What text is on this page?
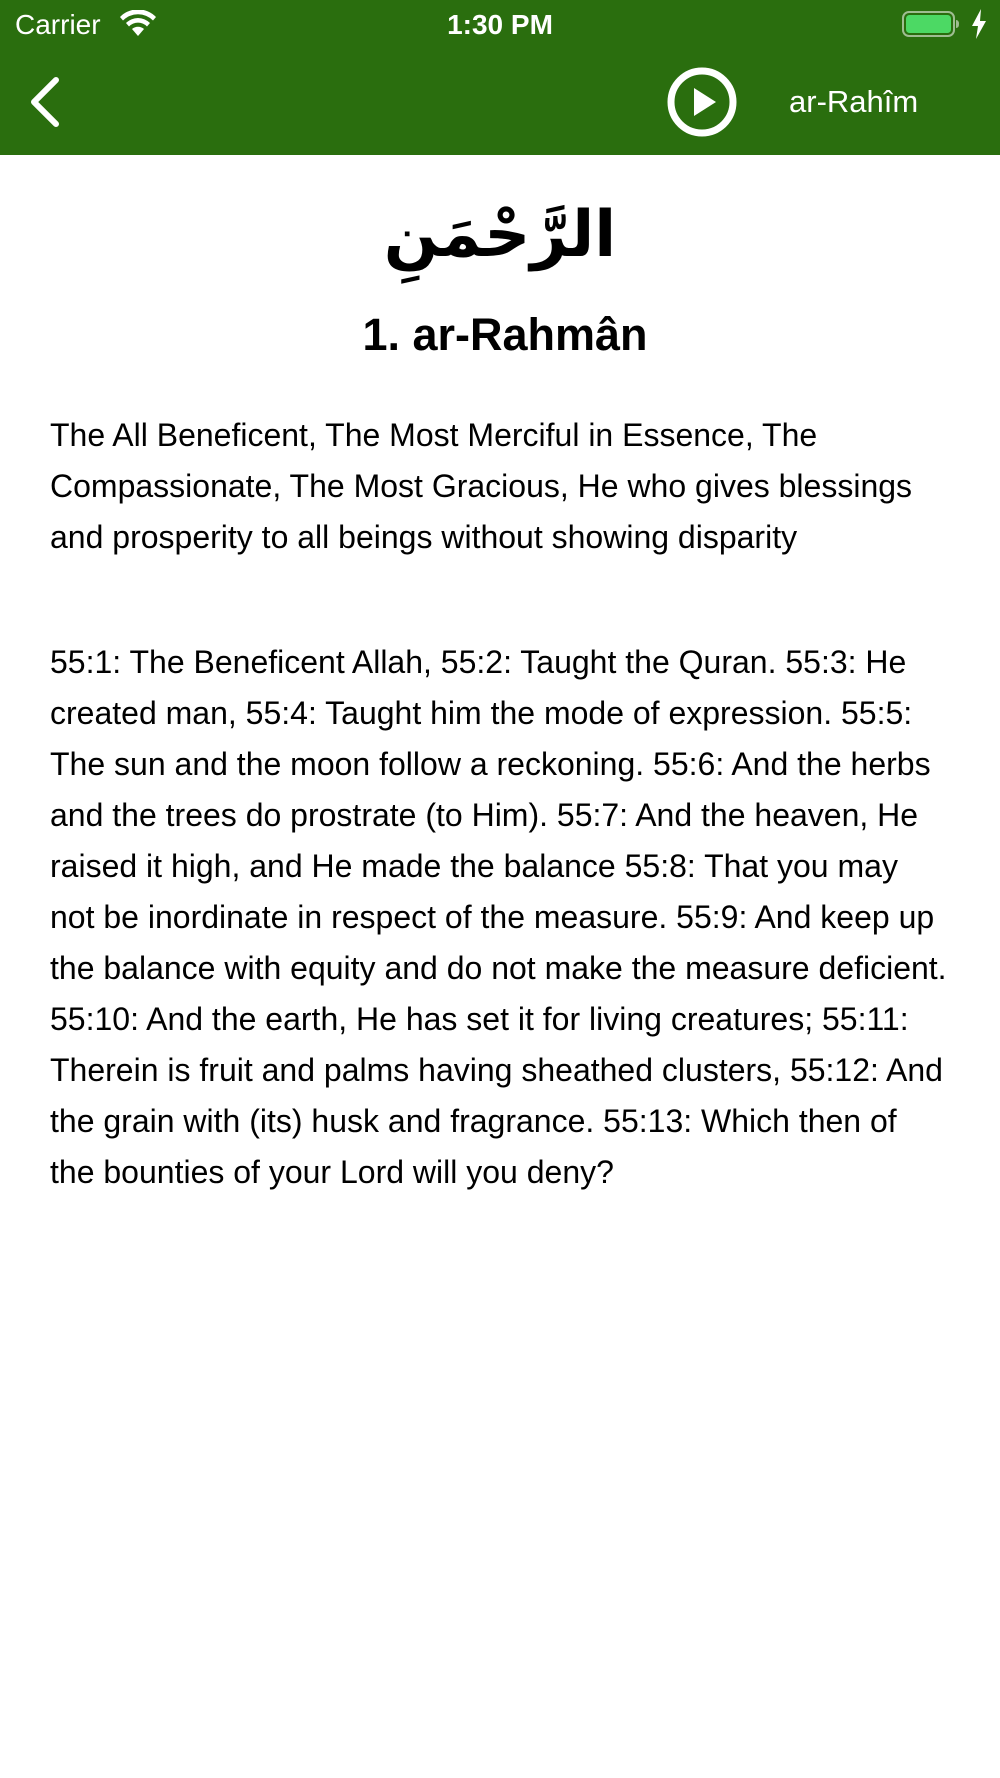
Carrier	1:30 PM
ar-Rahîm
الرَّحْمَنِ
1. ar-Rahmân

The All Beneficent, The Most Merciful in Essence, The Compassionate, The Most Gracious, He who gives blessings and prosperity to all beings without showing disparity

55:1: The Beneficent Allah, 55:2: Taught the Quran. 55:3: He created man, 55:4: Taught him the mode of expression. 55:5: The sun and the moon follow a reckoning. 55:6: And the herbs and the trees do prostrate (to Him). 55:7: And the heaven, He raised it high, and He made the balance 55:8: That you may not be inordinate in respect of the measure. 55:9: And keep up the balance with equity and do not make the measure deficient. 55:10: And the earth, He has set it for living creatures; 55:11: Therein is fruit and palms having sheathed clusters, 55:12: And the grain with (its) husk and fragrance. 55:13: Which then of the bounties of your Lord will you deny?
